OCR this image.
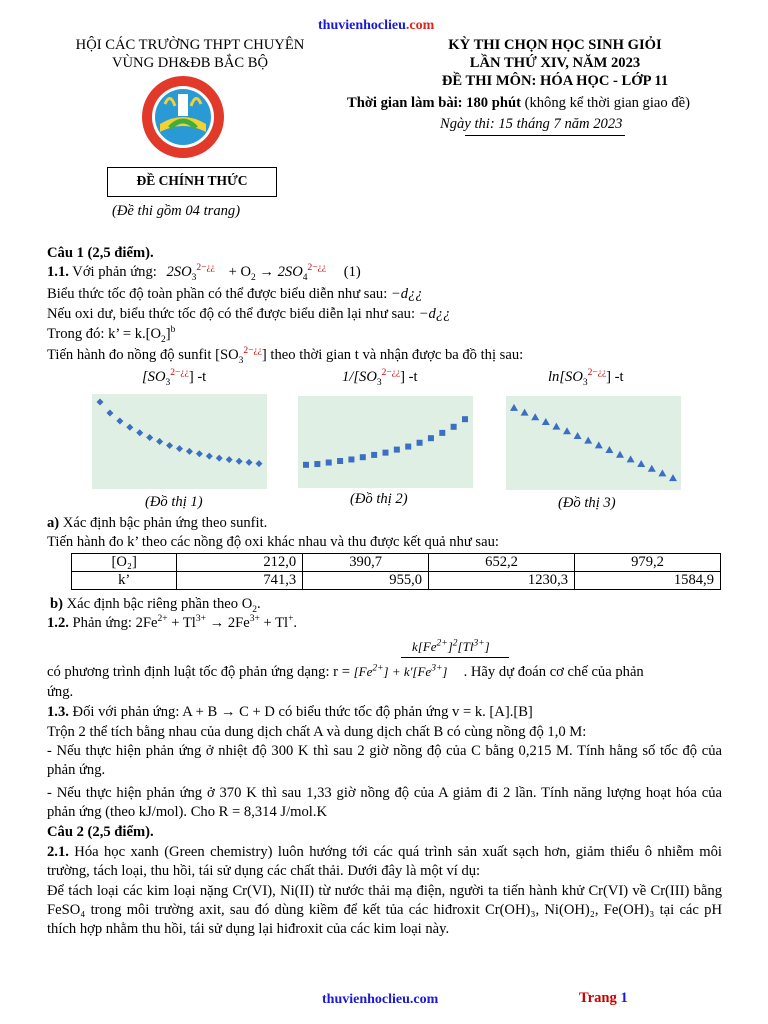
thuvienhoclieu.com
HỘI CÁC TRƯỜNG THPT CHUYÊN
VÙNG DH&ĐB BẮC BỘ
KỲ THI CHỌN HỌC SINH GIỎI
LẦN THỨ XIV, NĂM 2023
ĐỀ THI MÔN: HÓA HỌC - LỚP 11
Thời gian làm bài: 180 phút (không kể thời gian giao đề)
Ngày thi: 15 tháng 7 năm 2023
ĐỀ CHÍNH THỨC
(Đề thi gồm 04 trang)
Câu 1 (2,5 điểm).
1.1. Với phản ứng: $2SO_3^{2-¿¿} + O_2 \to 2SO_4^{2-¿¿}$ (1)
Biểu thức tốc độ toàn phần có thể được biểu diễn như sau: −d¿¿
Nếu oxi dư, biểu thức tốc độ có thể được biểu diễn lại như sau: −d¿¿
Trong đó: k’ = $k.[O_2]^b$
Tiến hành đo nồng độ sunfit $[SO_3^{2-¿¿}]$ theo thời gian t và nhận được ba đồ thị sau:
$[SO_3^{2-¿¿}]$ -t	$1/[SO_3^{2-¿¿}]$ -t	$\ln[SO_3^{2-¿¿}]$ -t
(Đồ thị 1)	(Đồ thị 2)	(Đồ thị 3)
a) Xác định bậc phản ứng theo sunfit.
Tiến hành đo k’ theo các nồng độ oxi khác nhau và thu được kết quả như sau:
[O₂]	212,0	390,7	652,2	979,2
k’	741,3	955,0	1230,3	1584,9
b) Xác định bậc riêng phần theo $O_2$.
1.2. Phản ứng: $2Fe^{2+} + Tl^{3+} \to 2Fe^{3+} + Tl^+$.
$k[Fe^{2+}]^2[Tl^{3+}]$
có phương trình định luật tốc độ phản ứng dạng: $r = [Fe^{2+}] + k'[Fe^{3+}]$ . Hãy dự đoán cơ chế của phản
ứng.
1.3. Đối với phản ứng: A + B → C + D có biểu thức tốc độ phản ứng v = k. [A].[B]
Trộn 2 thể tích bằng nhau của dung dịch chất A và dung dịch chất B có cùng nồng độ 1,0 M:
- Nếu thực hiện phản ứng ở nhiệt độ 300 K thì sau 2 giờ nồng độ của C bằng 0,215 M. Tính hằng số tốc độ của phản ứng.
- Nếu thực hiện phản ứng ở 370 K thì sau 1,33 giờ nồng độ của A giảm đi 2 lần. Tính năng lượng hoạt hóa của phản ứng (theo kJ/mol). Cho R = 8,314 J/mol.K
Câu 2 (2,5 điểm).
2.1. Hóa học xanh (Green chemistry) luôn hướng tới các quá trình sản xuất sạch hơn, giảm thiểu ô nhiễm môi trường, tách loại, thu hồi, tái sử dụng các chất thải. Dưới đây là một ví dụ:
Để tách loại các kim loại nặng Cr(VI), Ni(II) từ nước thải mạ điện, người ta tiến hành khử Cr(VI) về Cr(III) bằng FeSO₄ trong môi trường axit, sau đó dùng kiềm để kết tủa các hiđroxit Cr(OH)₃, Ni(OH)₂, Fe(OH)₃ tại các pH thích hợp nhằm thu hồi, tái sử dụng lại hiđroxit của các kim loại này.
thuvienhoclieu.com	Trang 1
